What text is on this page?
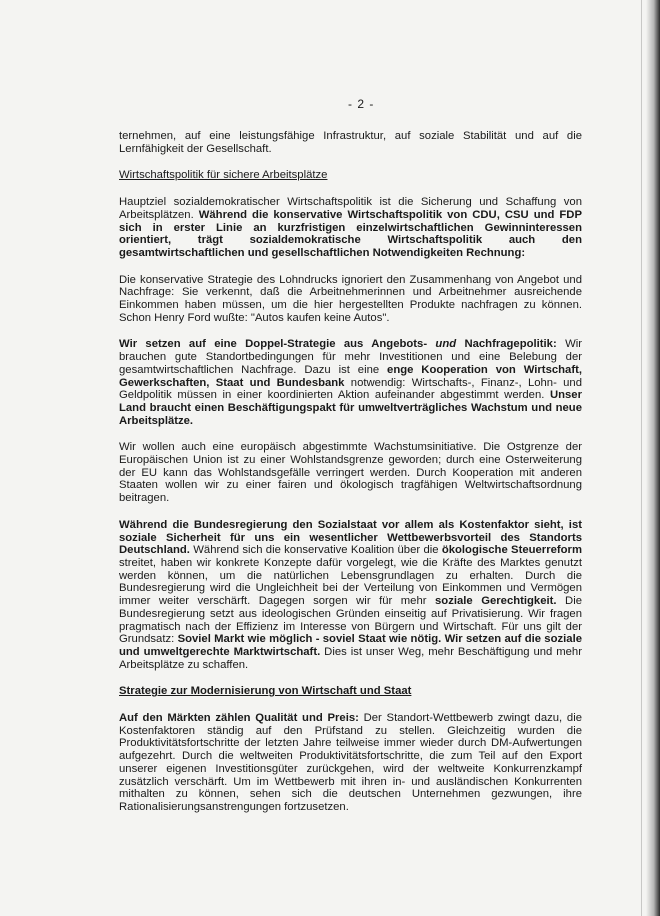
- 2 -

ternehmen, auf eine leistungsfähige Infrastruktur, auf soziale Stabilität und auf die Lernfähigkeit der Gesellschaft.

Wirtschaftspolitik für sichere Arbeitsplätze

Hauptziel sozialdemokratischer Wirtschaftspolitik ist die Sicherung und Schaffung von Arbeitsplätzen. Während die konservative Wirtschaftspolitik von CDU, CSU und FDP sich in erster Linie an kurzfristigen einzelwirtschaftlichen Gewinninteressen orientiert, trägt sozialdemokratische Wirtschaftspolitik auch den gesamtwirtschaftlichen und gesellschaftlichen Notwendigkeiten Rechnung:

Die konservative Strategie des Lohndrucks ignoriert den Zusammenhang von Angebot und Nachfrage: Sie verkennt, daß die Arbeitnehmerinnen und Arbeitnehmer ausreichende Einkommen haben müssen, um die hier hergestellten Produkte nachfragen zu können. Schon Henry Ford wußte: "Autos kaufen keine Autos".

Wir setzen auf eine Doppel-Strategie aus Angebots- und Nachfragepolitik: Wir brauchen gute Standortbedingungen für mehr Investitionen und eine Belebung der gesamtwirtschaftlichen Nachfrage. Dazu ist eine enge Kooperation von Wirtschaft, Gewerkschaften, Staat und Bundesbank notwendig: Wirtschafts-, Finanz-, Lohn- und Geldpolitik müssen in einer koordinierten Aktion aufeinander abgestimmt werden. Unser Land braucht einen Beschäftigungspakt für umweltverträgliches Wachstum und neue Arbeitsplätze.

Wir wollen auch eine europäisch abgestimmte Wachstumsinitiative. Die Ostgrenze der Europäischen Union ist zu einer Wohlstandsgrenze geworden; durch eine Osterweiterung der EU kann das Wohlstandsgefälle verringert werden. Durch Kooperation mit anderen Staaten wollen wir zu einer fairen und ökologisch tragfähigen Weltwirtschaftsordnung beitragen.

Während die Bundesregierung den Sozialstaat vor allem als Kostenfaktor sieht, ist soziale Sicherheit für uns ein wesentlicher Wettbewerbsvorteil des Standorts Deutschland. Während sich die konservative Koalition über die ökologische Steuerreform streitet, haben wir konkrete Konzepte dafür vorgelegt, wie die Kräfte des Marktes genutzt werden können, um die natürlichen Lebensgrundlagen zu erhalten. Durch die Bundesregierung wird die Ungleichheit bei der Verteilung von Einkommen und Vermögen immer weiter verschärft. Dagegen sorgen wir für mehr soziale Gerechtigkeit. Die Bundesregierung setzt aus ideologischen Gründen einseitig auf Privatisierung. Wir fragen pragmatisch nach der Effizienz im Interesse von Bürgern und Wirtschaft. Für uns gilt der Grundsatz: Soviel Markt wie möglich - soviel Staat wie nötig. Wir setzen auf die soziale und umweltgerechte Marktwirtschaft. Dies ist unser Weg, mehr Beschäftigung und mehr Arbeitsplätze zu schaffen.

Strategie zur Modernisierung von Wirtschaft und Staat

Auf den Märkten zählen Qualität und Preis: Der Standort-Wettbewerb zwingt dazu, die Kostenfaktoren ständig auf den Prüfstand zu stellen. Gleichzeitig wurden die Produktivitätsfortschritte der letzten Jahre teilweise immer wieder durch DM-Aufwertungen aufgezehrt. Durch die weltweiten Produktivitätsfortschritte, die zum Teil auf den Export unserer eigenen Investitionsgüter zurückgehen, wird der weltweite Konkurrenzkampf zusätzlich verschärft. Um im Wettbewerb mit ihren in- und ausländischen Konkurrenten mithalten zu können, sehen sich die deutschen Unternehmen gezwungen, ihre Rationalisierungsanstrengungen fortzusetzen.
